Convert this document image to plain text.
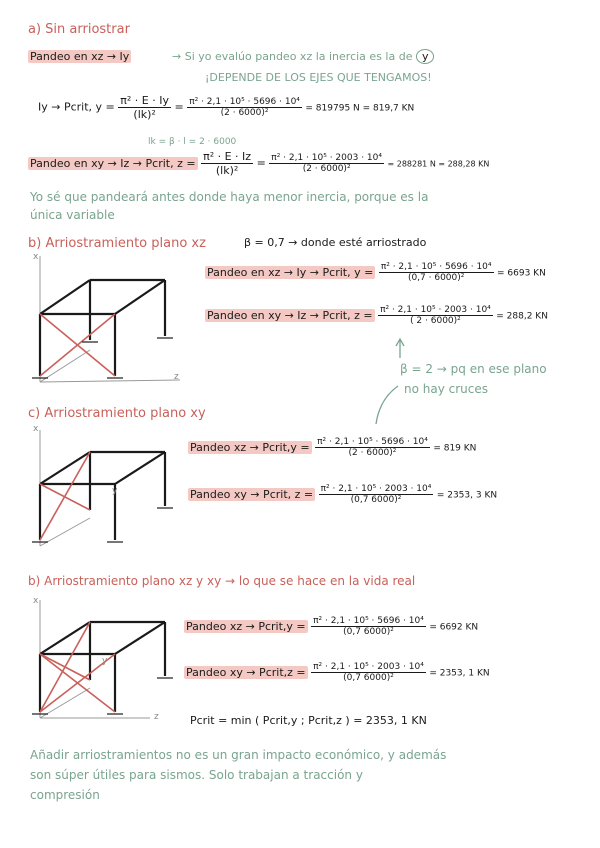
a) Sin arriostrar
Pandeo en xz → Iy	→ Si yo evalúo pandeo xz la inercia es la de y
¡DEPENDE DE LOS EJES QUE TENGAMOS!
Iy → Pcrit, $y = \frac{\text{π² · E · Iy}}{\text{(lk)²}} = \frac{\text{π² · 2,1 · 10⁵ · 5696 · 10⁴}}{\text{(2 · 6000)²}} = 819795$ N = 819,7 KN
lk = β · l = 2 · 6000
Pandeo en xy → Iz → Pcrit, $z = \frac{\text{π² · E · Iz}}{\text{(lk)²}} = \frac{\text{π² · 2,1 · 10⁵ · 2003 · 10⁴}}{\text{(2 · 6000)²}} = 288281$ N = 288,28 KN
Yo sé que pandeará antes donde haya menor inercia, porque es la
única variable
b) Arriostramiento plano xz	β = 0,7 → donde esté arriostrado
x
z
Pandeo en xz → Iy → Pcrit, $y = \frac{\text{π² · 2,1 · 10⁵ · 5696 · 10⁴}}{\text{(0,7 · 6000)²}} = 6693$ KN
Pandeo en xy → Iz → Pcrit, $z = \frac{\text{π² · 2,1 · 10⁵ · 2003 · 10⁴}}{\text{( 2 · 6000)²}} = 288,2$ KN
β = 2 → pq en ese plano
no hay cruces
c) Arriostramiento plano xy
x
y
Pandeo xz → Pcrit,y = $\frac{\text{π² · 2,1 · 10⁵ · 5696 · 10⁴}}{\text{(2 · 6000)²}} = 819$ KN
Pandeo xy → Pcrit, $z = \frac{\text{π² · 2,1 · 10⁵ · 2003 · 10⁴}}{\text{(0,7 6000)²}} = 2353$, 3 KN
b) Arriostramiento plano xz y xy → lo que se hace en la vida real
x
y
z
Pandeo xz → Pcrit,y = $\frac{\text{π² · 2,1 · 10⁵ · 5696 · 10⁴}}{\text{(0,7 6000)²}} = 6692$ KN
Pandeo xy → Pcrit,z = $\frac{\text{π² · 2,1 · 10⁵ · 2003 · 10⁴}}{\text{(0,7 6000)²}} = 2353$, 1 KN
Pcrit = min ( Pcrit,y ; Pcrit,z ) = 2353, 1 KN
Añadir arriostramientos no es un gran impacto económico, y además
son súper útiles para sismos. Solo trabajan a tracción y
compresión
